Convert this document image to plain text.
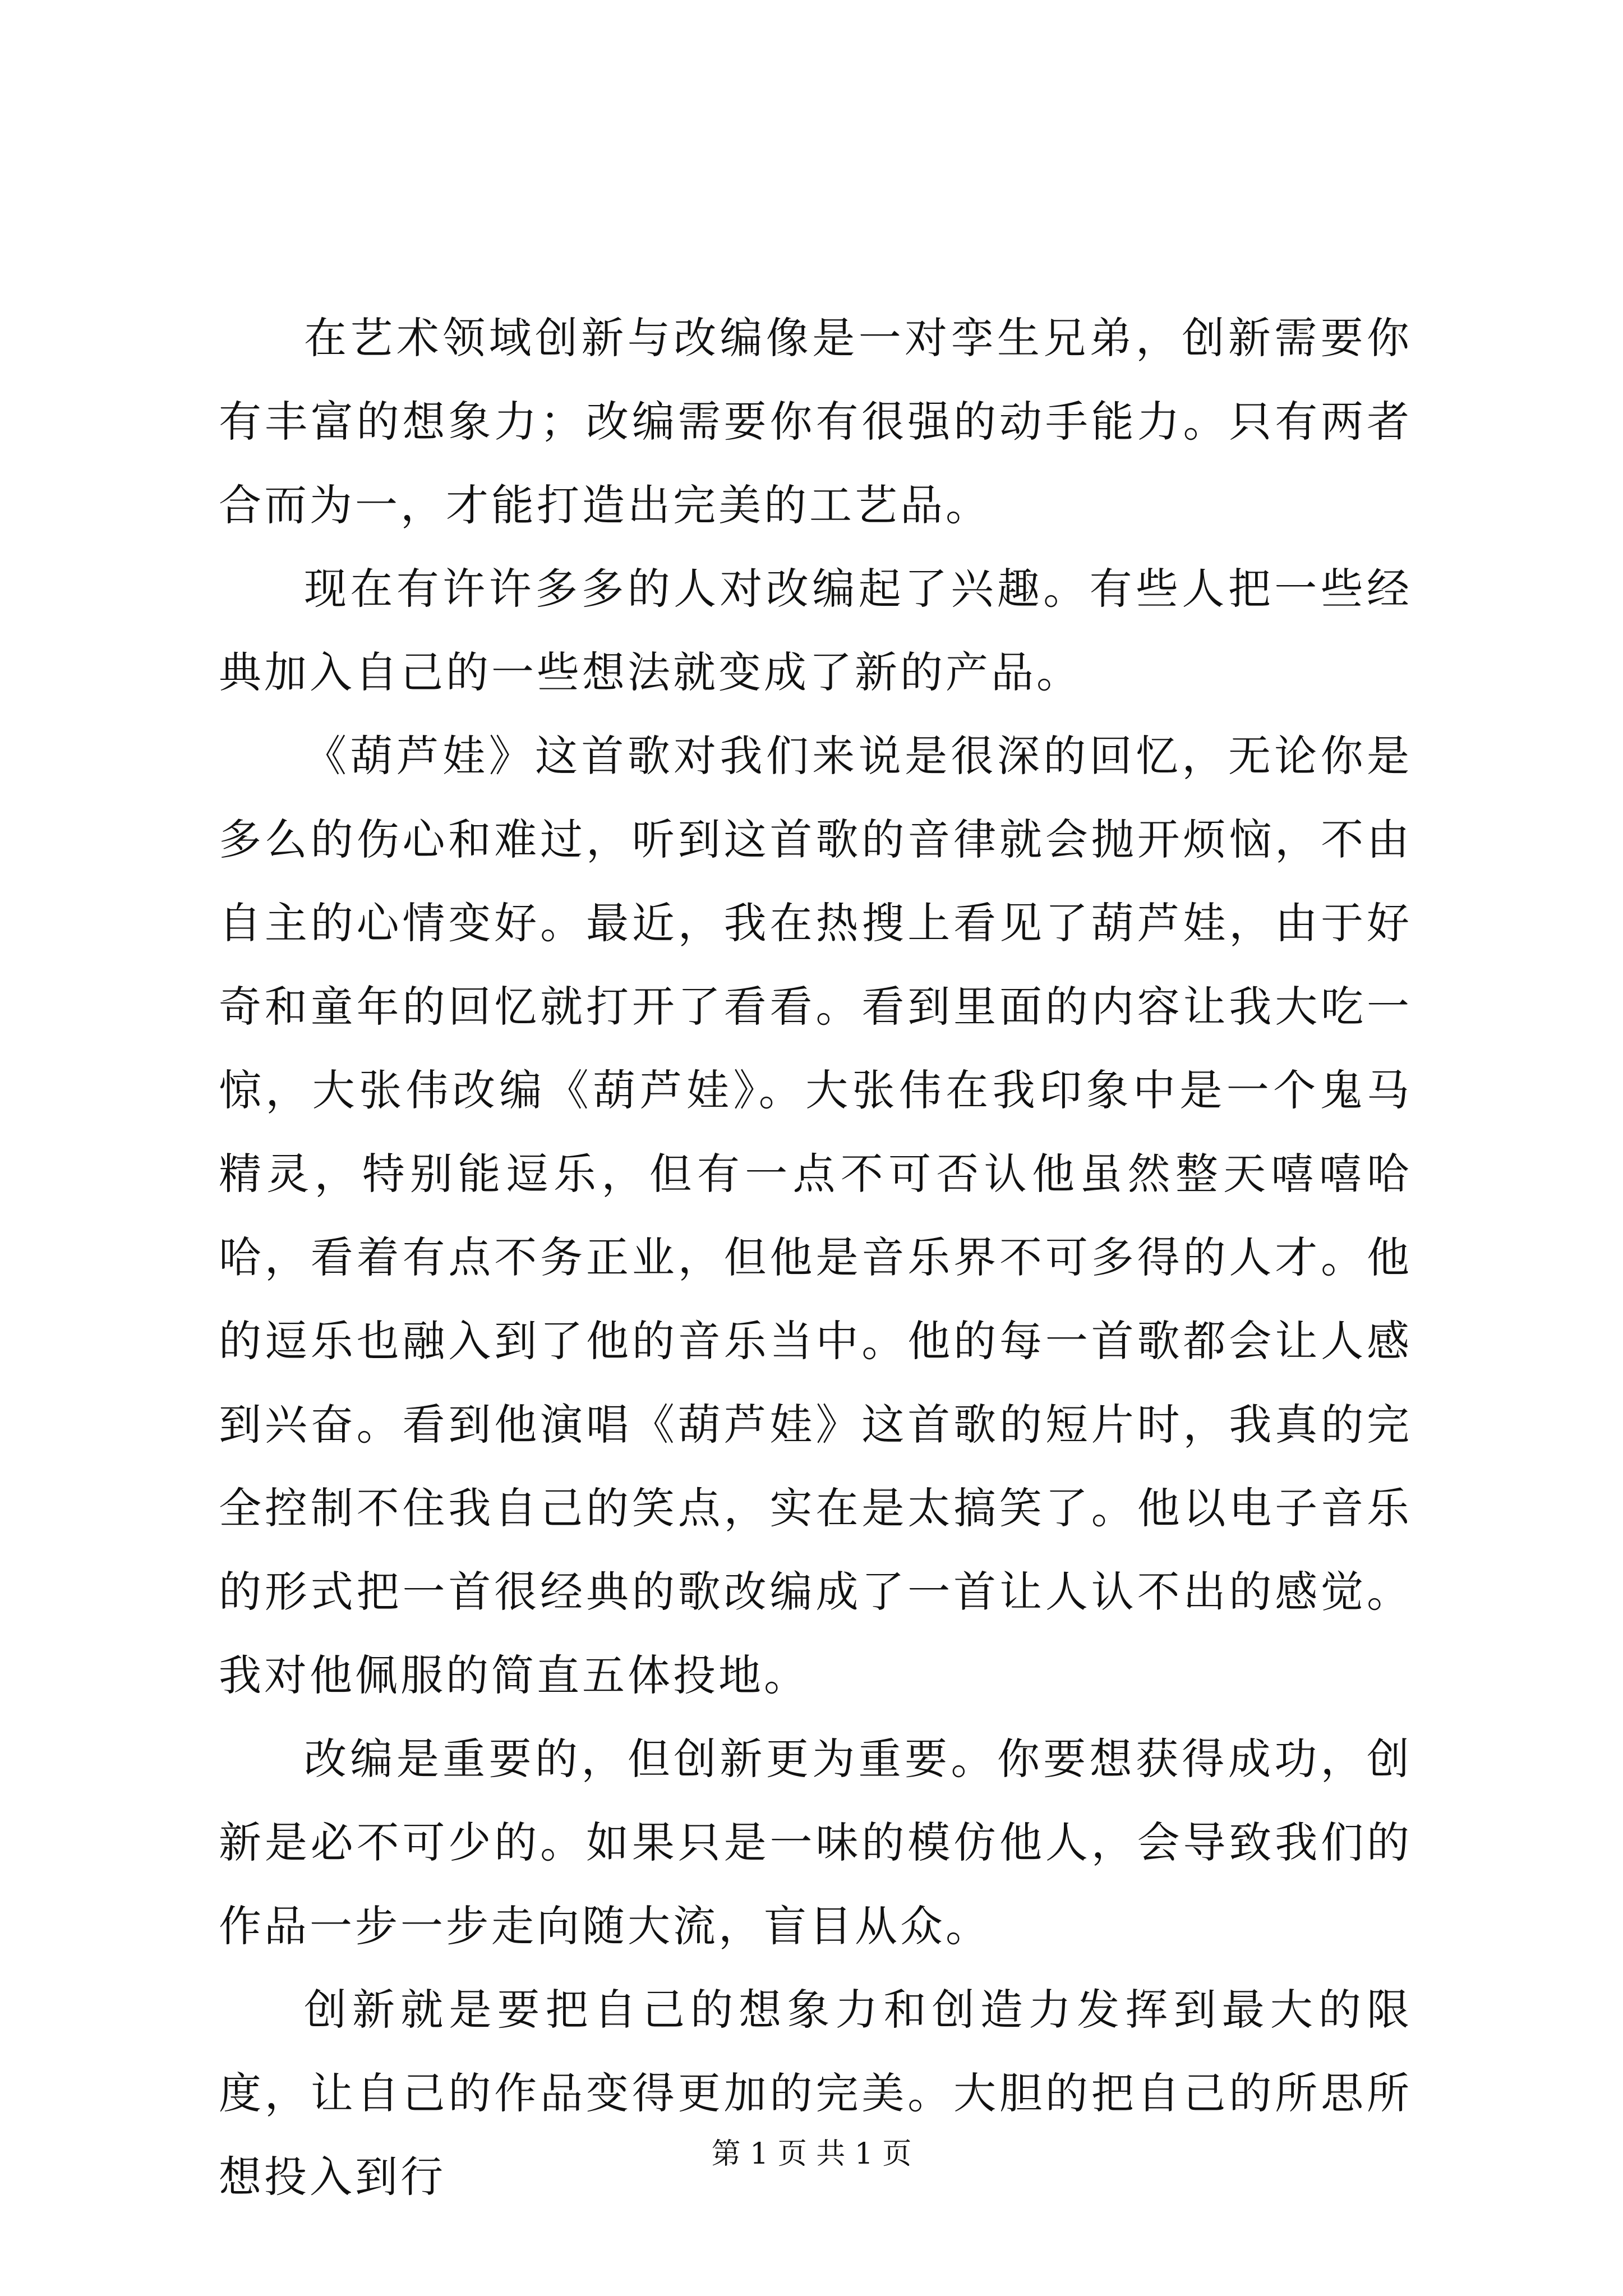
在艺术领域创新与改编像是一对孪生兄弟，创新需要你有丰富的想象力；改编需要你有很强的动手能力。只有两者合而为一，才能打造出完美的工艺品。

现在有许许多多的人对改编起了兴趣。有些人把一些经典加入自己的一些想法就变成了新的产品。

《葫芦娃》这首歌对我们来说是很深的回忆，无论你是多么的伤心和难过，听到这首歌的音律就会抛开烦恼，不由自主的心情变好。最近，我在热搜上看见了葫芦娃，由于好奇和童年的回忆就打开了看看。看到里面的内容让我大吃一惊，大张伟改编《葫芦娃》。大张伟在我印象中是一个鬼马精灵，特别能逗乐，但有一点不可否认他虽然整天嘻嘻哈哈，看着有点不务正业，但他是音乐界不可多得的人才。他的逗乐也融入到了他的音乐当中。他的每一首歌都会让人感到兴奋。看到他演唱《葫芦娃》这首歌的短片时，我真的完全控制不住我自己的笑点，实在是太搞笑了。他以电子音乐的形式把一首很经典的歌改编成了一首让人认不出的感觉。我对他佩服的简直五体投地。

改编是重要的，但创新更为重要。你要想获得成功，创新是必不可少的。如果只是一味的模仿他人，会导致我们的作品一步一步走向随大流，盲目从众。

创新就是要把自己的想象力和创造力发挥到最大的限度，让自己的作品变得更加的完美。大胆的把自己的所思所想投入到行	第 1 页 共 1 页
